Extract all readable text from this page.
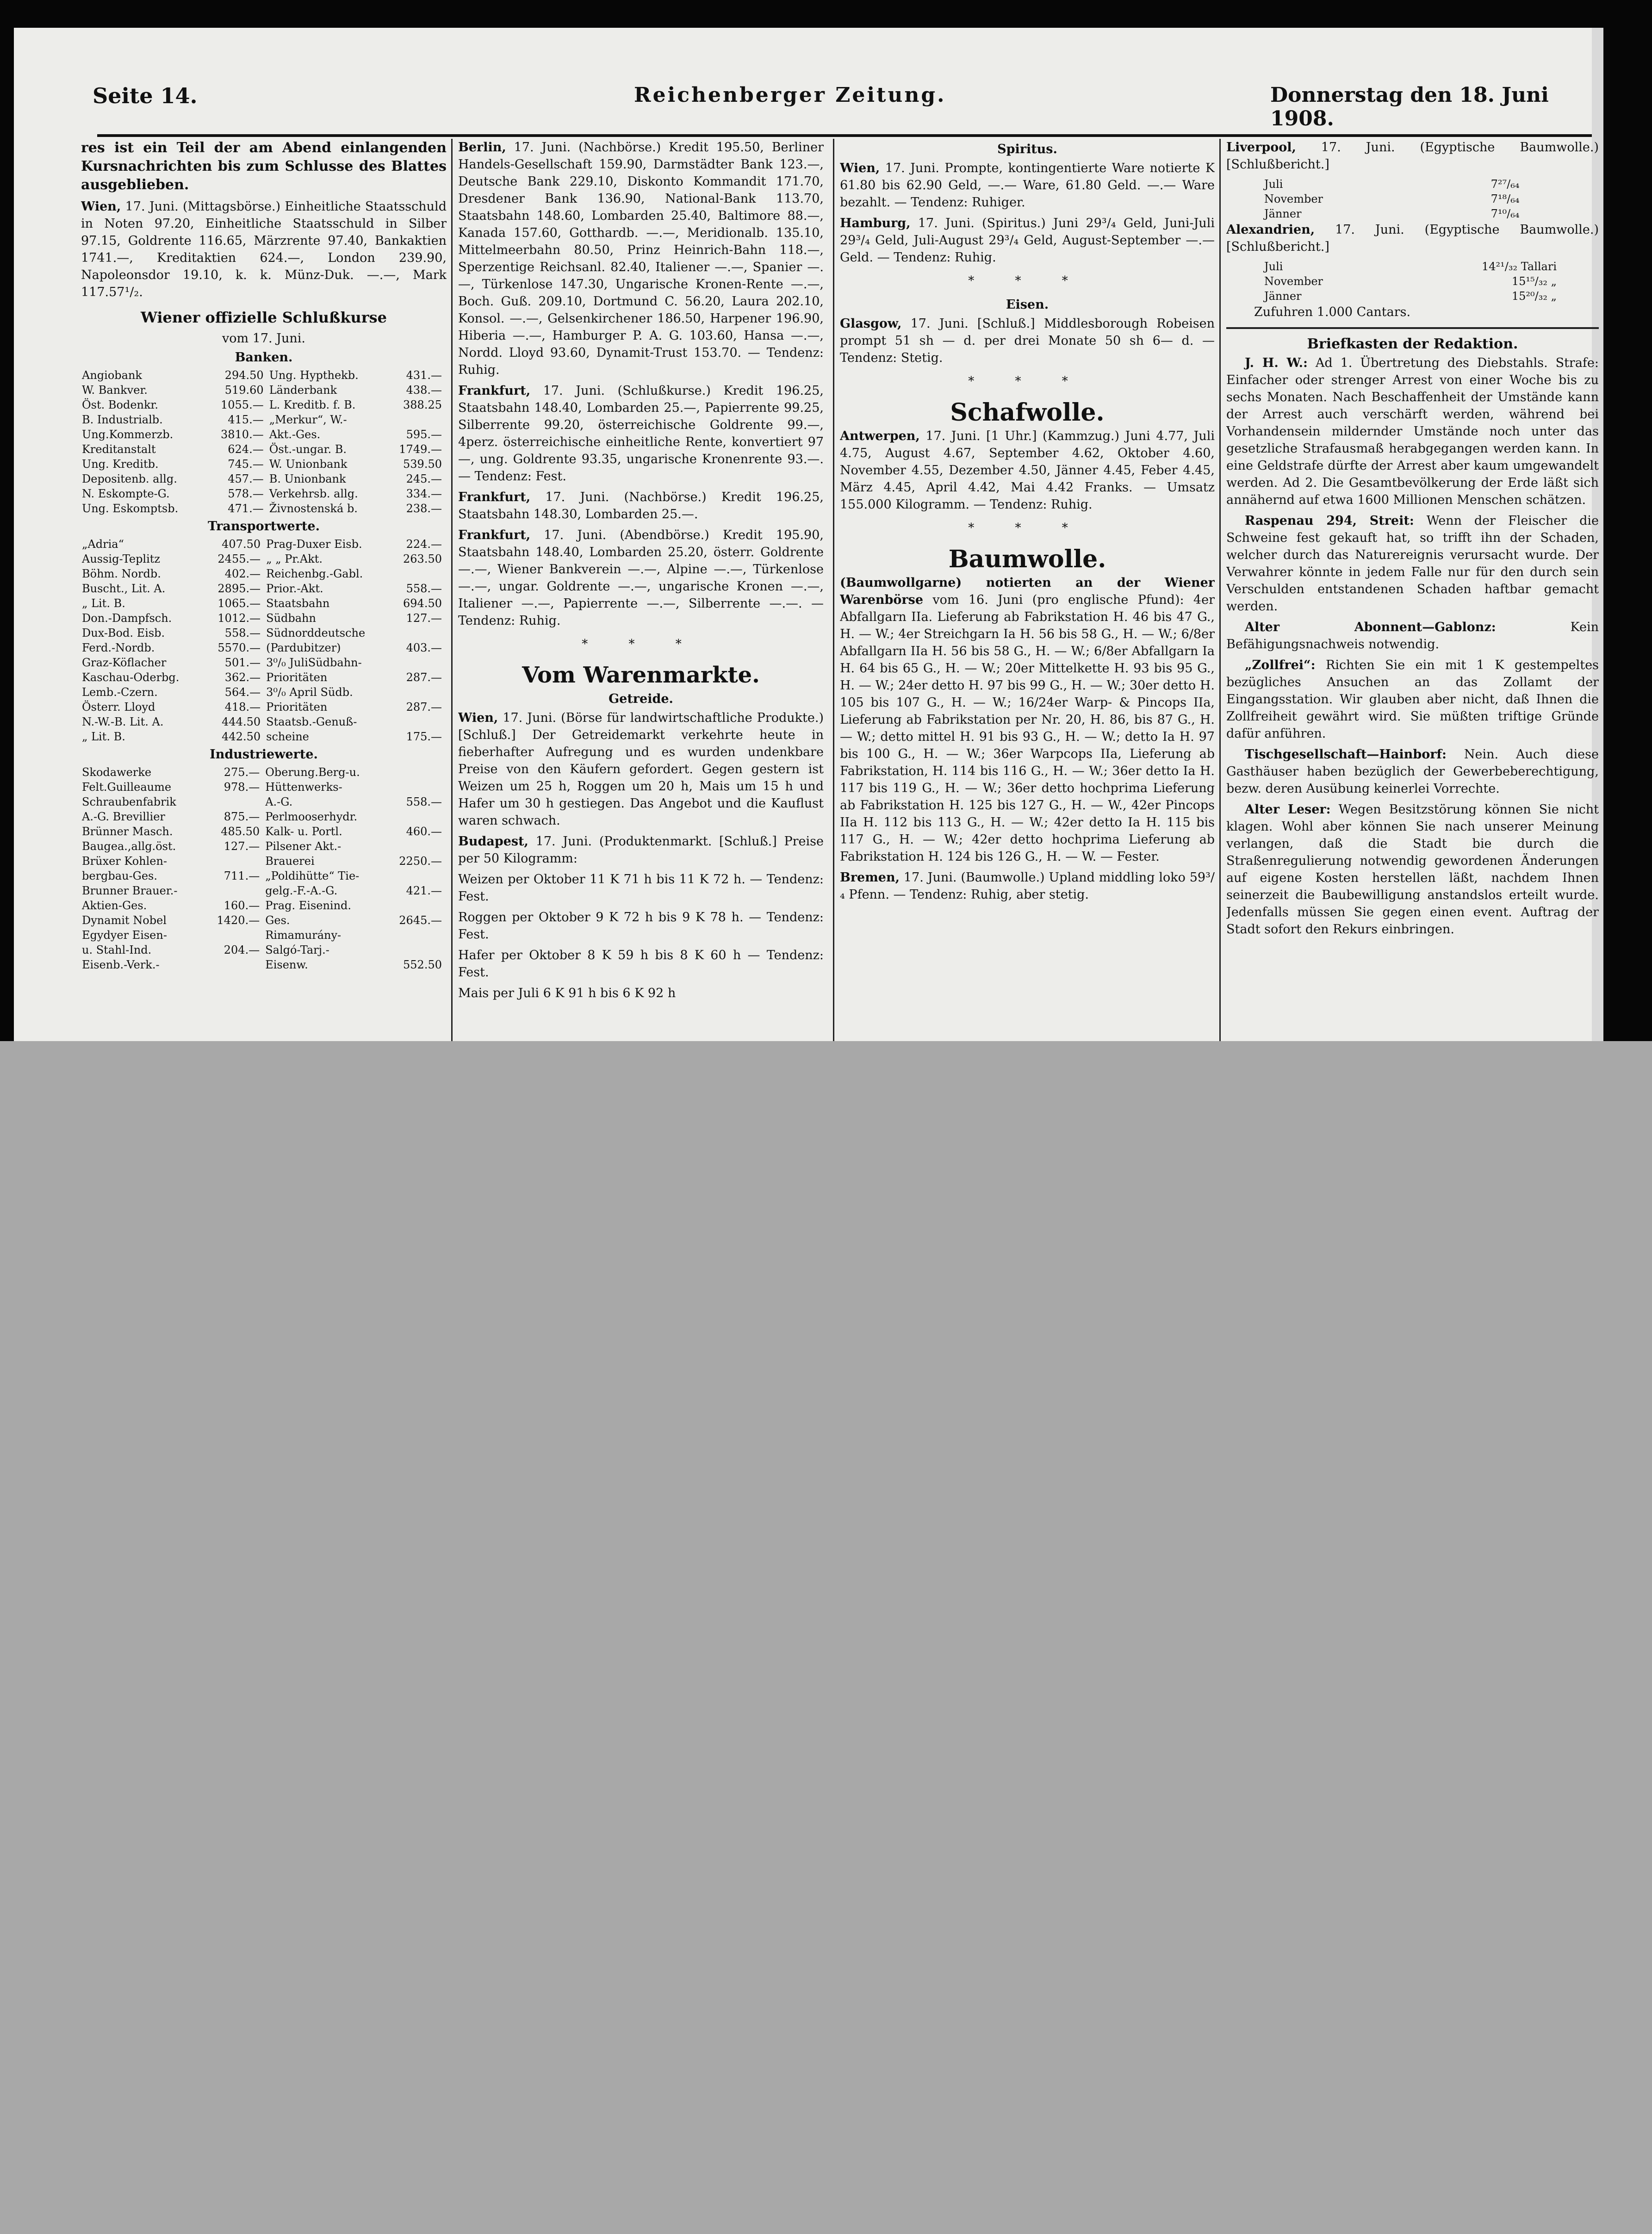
Seite 14.	Reichenberger Zeitung.	Donnerstag den 18. Juni 1908.

res ist ein Teil der am Abend einlangenden Kursnachrichten bis zum Schlusse des Blattes ausgeblieben.

Wien, 17. Juni. (Mittagsbörse.) Einheitliche Staatsschuld in Noten 97.20, Einheitliche Staatsschuld in Silber 97.15, Goldrente 116.65, Märzrente 97.40, Bankaktien 1741.—, Kreditaktien 624.—, London 239.90, Napoleonsdor 19.10, k. k. Münz-Duk. —.—, Mark 117.57¹/₂.

Wiener offizielle Schlußkurse
vom 17. Juni.
Banken.
Angiobank	294.50	Ung. Hypthekb.	431.—
W. Bankver.	519.60	Länderbank	438.—
Öst. Bodenkr.	1055.—	L. Kreditb. f. B.	388.25
B. Industrialb.	415.—	„Merkur“, W.-	
Ung.Kommerzb.	3810.—	Akt.-Ges.	595.—
Kreditanstalt	624.—	Öst.-ungar. B.	1749.—
Ung. Kreditb.	745.—	W. Unionbank	539.50
Depositenb. allg.	457.—	B. Unionbank	245.—
N. Eskompte-G.	578.—	Verkehrsb. allg.	334.—
Ung. Eskomptsb.	471.—	Živnostenská b.	238.—
Transportwerte.
„Adria“	407.50	Prag-Duxer Eisb.	224.—
Aussig-Teplitz	2455.—	„ „ Pr.Akt.	263.50
Böhm. Nordb.	402.—	Reichenbg.-Gabl.	
Buscht., Lit. A.	2895.—	Prior.-Akt.	558.—
„ Lit. B.	1065.—	Staatsbahn	694.50
Don.-Dampfsch.	1012.—	Südbahn	127.—
Dux-Bod. Eisb.	558.—	Südnorddeutsche	
Ferd.-Nordb.	5570.—	(Pardubitzer)	403.—
Graz-Köflacher	501.—	3⁰/₀ JuliSüdbahn-	
Kaschau-Oderbg.	362.—	Prioritäten	287.—
Lemb.-Czern.	564.—	3⁰/₀ April Südb.	
Österr. Lloyd	418.—	Prioritäten	287.—
N.-W.-B. Lit. A.	444.50	Staatsb.-Genuß-	
„ Lit. B.	442.50	scheine	175.—
Industriewerte.
Skodawerke	275.—	Oberung.Berg-u.	
Felt.Guilleaume	978.—	Hüttenwerks-	
Schraubenfabrik		A.-G.	558.—
A.-G. Brevillier	875.—	Perlmooserhydr.	
Brünner Masch.	485.50	Kalk- u. Portl.	460.—
Baugea.,allg.öst.	127.—	Pilsener Akt.-	
Brüxer Kohlen-		Brauerei	2250.—
bergbau-Ges.	711.—	„Poldihütte“ Tie-	
Brunner Brauer.-		gelg.-F.-A.-G.	421.—
Aktien-Ges.	160.—	Prag. Eisenind.	
Dynamit Nobel	1420.—	Ges.	2645.—
Egydyer Eisen-		Rimamurány-	
u. Stahl-Ind.	204.—	Salgó-Tarj.-	
Eisenb.-Verk.-		Eisenw.	552.50

Berlin, 17. Juni. (Nachbörse.) Kredit 195.50, Berliner Handels-Gesellschaft 159.90, Darmstädter Bank 123.—, Deutsche Bank 229.10, Diskonto Kommandit 171.70, Dresdener Bank 136.90, National-Bank 113.70, Staatsbahn 148.60, Lombarden 25.40, Baltimore 88.—, Kanada 157.60, Gotthardb. —.—, Meridionalb. 135.10, Mittelmeerbahn 80.50, Prinz Heinrich-Bahn 118.—, Sperzentige Reichsanl. 82.40, Italiener —.—, Spanier —.—, Türkenlose 147.30, Ungarische Kronen-Rente —.—, Boch. Guß. 209.10, Dortmund C. 56.20, Laura 202.10, Konsol. —.—, Gelsenkirchener 186.50, Harpener 196.90, Hiberia —.—, Hamburger P. A. G. 103.60, Hansa —.—, Nordd. Lloyd 93.60, Dynamit-Trust 153.70. — Tendenz: Ruhig.

Frankfurt, 17. Juni. (Schlußkurse.) Kredit 196.25, Staatsbahn 148.40, Lombarden 25.—, Papierrente 99.25, Silberrente 99.20, österreichische Goldrente 99.—, 4perz. österreichische einheitliche Rente, konvertiert 97—, ung. Goldrente 93.35, ungarische Kronenrente 93.—. — Tendenz: Fest.

Frankfurt, 17. Juni. (Nachbörse.) Kredit 196.25, Staatsbahn 148.30, Lombarden 25.—.

Frankfurt, 17. Juni. (Abendbörse.) Kredit 195.90, Staatsbahn 148.40, Lombarden 25.20, österr. Goldrente —.—, Wiener Bankverein —.—, Alpine —.—, Türkenlose —.—, ungar. Goldrente —.—, ungarische Kronen —.—, Italiener —.—, Papierrente —.—, Silberrente —.—. — Tendenz: Ruhig.

* * *
Vom Warenmarkte.
Getreide.

Wien, 17. Juni. (Börse für landwirtschaftliche Produkte.) [Schluß.] Der Getreidemarkt verkehrte heute in fieberhafter Aufregung und es wurden undenkbare Preise von den Käufern gefordert. Gegen gestern ist Weizen um 25 h, Roggen um 20 h, Mais um 15 h und Hafer um 30 h gestiegen. Das Angebot und die Kauflust waren schwach.

Budapest, 17. Juni. (Produktenmarkt. [Schluß.] Preise per 50 Kilogramm:

Weizen per Oktober 11 K 71 h bis 11 K 72 h. — Tendenz: Fest.

Roggen per Oktober 9 K 72 h bis 9 K 78 h. — Tendenz: Fest.

Hafer per Oktober 8 K 59 h bis 8 K 60 h — Tendenz: Fest.

Mais per Juli 6 K 91 h bis 6 K 92 h

Spiritus.

Wien, 17. Juni. Prompte, kontingentierte Ware notierte K 61.80 bis 62.90 Geld, —.— Ware, 61.80 Geld. —.— Ware bezahlt. — Tendenz: Ruhiger.

Hamburg, 17. Juni. (Spiritus.) Juni 29³/₄ Geld, Juni-Juli 29³/₄ Geld, Juli-August 29³/₄ Geld, August-September —.— Geld. — Tendenz: Ruhig.

* * *
Eisen.

Glasgow, 17. Juni. [Schluß.] Middlesborough Robeisen prompt 51 sh — d. per drei Monate 50 sh 6— d. — Tendenz: Stetig.

* * *
Schafwolle.

Antwerpen, 17. Juni. [1 Uhr.] (Kammzug.) Juni 4.77, Juli 4.75, August 4.67, September 4.62, Oktober 4.60, November 4.55, Dezember 4.50, Jänner 4.45, Feber 4.45, März 4.45, April 4.42, Mai 4.42 Franks. — Umsatz 155.000 Kilogramm. — Tendenz: Ruhig.

* * *
Baumwolle.

(Baumwollgarne) notierten an der Wiener Warenbörse vom 16. Juni (pro englische Pfund): 4er Abfallgarn IIa. Lieferung ab Fabrikstation H. 46 bis 47 G., H. — W.; 4er Streichgarn Ia H. 56 bis 58 G., H. — W.; 6/8er Abfallgarn IIa H. 56 bis 58 G., H. — W.; 6/8er Abfallgarn Ia H. 64 bis 65 G., H. — W.; 20er Mittelkette H. 93 bis 95 G., H. — W.; 24er detto H. 97 bis 99 G., H. — W.; 30er detto H. 105 bis 107 G., H. — W.; 16/24er Warp- & Pincops IIa, Lieferung ab Fabrikstation per Nr. 20, H. 86, bis 87 G., H. — W.; detto mittel H. 91 bis 93 G., H. — W.; detto Ia H. 97 bis 100 G., H. — W.; 36er Warpcops IIa, Lieferung ab Fabrikstation, H. 114 bis 116 G., H. — W.; 36er detto Ia H. 117 bis 119 G., H. — W.; 36er detto hochprima Lieferung ab Fabrikstation H. 125 bis 127 G., H. — W., 42er Pincops IIa H. 112 bis 113 G., H. — W.; 42er detto Ia H. 115 bis 117 G., H. — W.; 42er detto hochprima Lieferung ab Fabrikstation H. 124 bis 126 G., H. — W. — Fester.

Bremen, 17. Juni. (Baumwolle.) Upland middling loko 59³/₄ Pfenn. — Tendenz: Ruhig, aber stetig.

Liverpool, 17. Juni. (Egyptische Baumwolle.) [Schlußbericht.]

Juli	7²⁷/₆₄
November	7¹⁸/₆₄
Jänner	7¹⁰/₆₄

Alexandrien, 17. Juni. (Egyptische Baumwolle.) [Schlußbericht.]

Juli	14²¹/₃₂ Tallari
November	15¹⁵/₃₂ „
Jänner	15²⁰/₃₂ „

Zufuhren 1.000 Cantars.

Briefkasten der Redaktion.

J. H. W.: Ad 1. Übertretung des Diebstahls. Strafe: Einfacher oder strenger Arrest von einer Woche bis zu sechs Monaten. Nach Beschaffenheit der Umstände kann der Arrest auch verschärft werden, während bei Vorhandensein mildernder Umstände noch unter das gesetzliche Strafausmaß herabgegangen werden kann. In eine Geldstrafe dürfte der Arrest aber kaum umgewandelt werden. Ad 2. Die Gesamtbevölkerung der Erde läßt sich annähernd auf etwa 1600 Millionen Menschen schätzen.

Raspenau 294, Streit: Wenn der Fleischer die Schweine fest gekauft hat, so trifft ihn der Schaden, welcher durch das Naturereignis verursacht wurde. Der Verwahrer könnte in jedem Falle nur für den durch sein Verschulden entstandenen Schaden haftbar gemacht werden.

Alter Abonnent—Gablonz:	Kein Befähigungsnachweis notwendig.

„Zollfrei“: Richten Sie ein mit 1 K gestempeltes bezügliches Ansuchen an das Zollamt der Eingangsstation. Wir glauben aber nicht, daß Ihnen die Zollfreiheit gewährt wird. Sie müßten triftige Gründe dafür anführen.

Tischgesellschaft—Hainborf: Nein. Auch diese Gasthäuser haben bezüglich der Gewerbeberechtigung, bezw. deren Ausübung keinerlei Vorrechte.

Alter Leser: Wegen Besitzstörung können Sie nicht klagen. Wohl aber können Sie nach unserer Meinung verlangen, daß die Stadt bie durch die Straßenregulierung notwendig gewordenen Änderungen auf eigene Kosten herstellen läßt, nachdem Ihnen seinerzeit die Baubewilligung anstandslos erteilt wurde. Jedenfalls müssen Sie gegen einen event. Auftrag der Stadt sofort den Rekurs einbringen.
